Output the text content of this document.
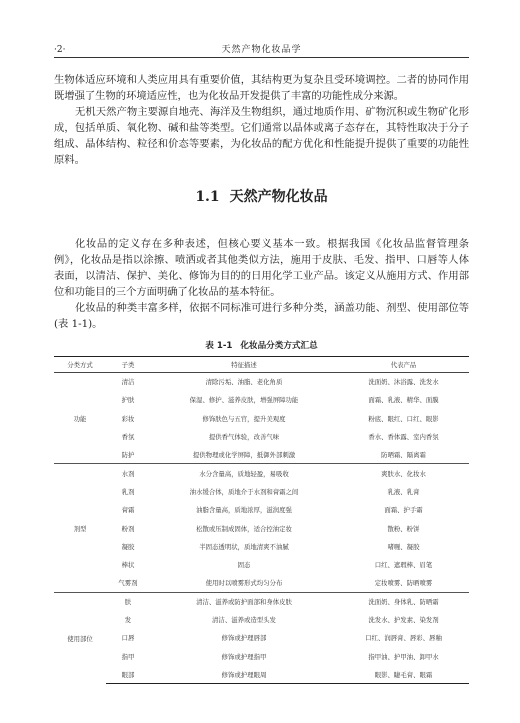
·2·	天然产物化妆品学

生物体适应环境和人类应用具有重要价值，其结构更为复杂且受环境调控。二者的协同作用既增强了生物的环境适应性，也为化妆品开发提供了丰富的功能性成分来源。

无机天然产物主要源自地壳、海洋及生物组织，通过地质作用、矿物沉积或生物矿化形成，包括单质、氧化物、碱和盐等类型。它们通常以晶体或离子态存在，其特性取决于分子组成、晶体结构、粒径和价态等要素，为化妆品的配方优化和性能提升提供了重要的功能性原料。

1.1 天然产物化妆品

化妆品的定义存在多种表述，但核心要义基本一致。根据我国《化妆品监督管理条例》，化妆品是指以涂擦、喷洒或者其他类似方法，施用于皮肤、毛发、指甲、口唇等人体表面，以清洁、保护、美化、修饰为目的的日用化学工业产品。该定义从施用方式、作用部位和功能目的三个方面明确了化妆品的基本特征。

化妆品的种类丰富多样，依据不同标准可进行多种分类，涵盖功能、剂型、使用部位等(表 1-1)。

表 1-1 化妆品分类方式汇总
分类方式	子类	特征描述	代表产品
功能	清洁	清除污垢、油脂、老化角质	洗面奶、沐浴露、洗发水
	护肤	保湿、修护、滋养皮肤，增强屏障功能	面霜、乳液、精华、面膜
	彩妆	修饰肤色与五官，提升美观度	粉底、眼红、口红、眼影
	香氛	提供香气体验，改善气味	香水、香体露、室内香氛
	防护	提供物理或化学屏障，抵御外部刺激	防晒霜、隔离霜
剂型	水剂	水分含量高，质地轻盈，易吸收	爽肤水、化妆水
	乳剂	油水缓合体，质地介于水剂和膏霜之间	乳液、乳膏
	膏霜	油脂含量高，质地浓厚，滋润度强	面霜、护手霜
	粉剂	松散或压制成固体，适合控油定妆	散粉、粉饼
	凝胶	半固态透明状，质地清爽不油腻	啫喱、凝胶
	棒状	固态	口红、遮瑕棒、眉笔
	气雾剂	使用时以喷雾形式均匀分布	定妆喷雾、防晒喷雾
使用部位	肤	清洁、滋养或防护面部和身体皮肤	洗面奶、身体乳、防晒霜
	发	清洁、滋养或造型头发	洗发水、护发素、染发剂
	口唇	修饰或护理唇部	口红、润唇膏、唇彩、唇釉
	指甲	修饰或护理指甲	指甲油、护甲油、卸甲水
	眼部	修饰或护理眼周	眼影、睫毛膏、眼霜
